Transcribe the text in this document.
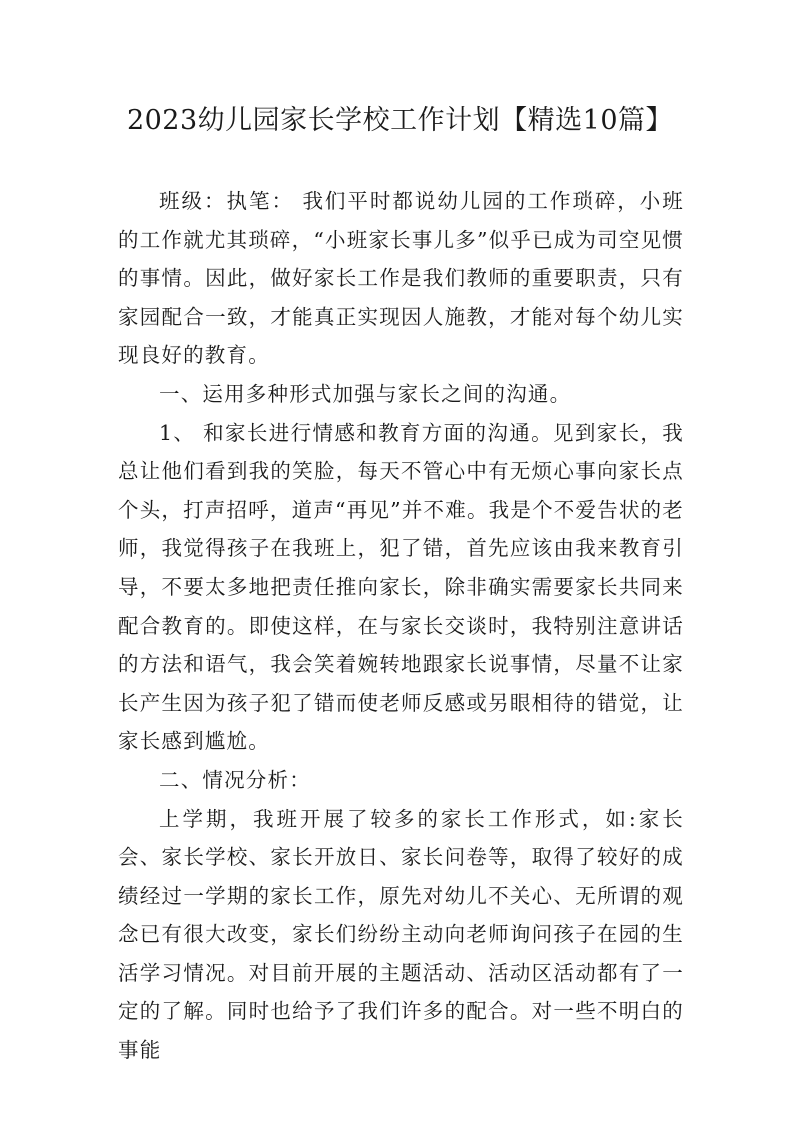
2023幼儿园家长学校工作计划【精选10篇】

班级：执笔： 我们平时都说幼儿园的工作琐碎，小班的工作就尤其琐碎，“小班家长事儿多”似乎已成为司空见惯的事情。因此，做好家长工作是我们教师的重要职责，只有家园配合一致，才能真正实现因人施教，才能对每个幼儿实现良好的教育。

一、运用多种形式加强与家长之间的沟通。

1、 和家长进行情感和教育方面的沟通。见到家长，我总让他们看到我的笑脸，每天不管心中有无烦心事向家长点个头，打声招呼，道声“再见”并不难。我是个不爱告状的老师，我觉得孩子在我班上，犯了错，首先应该由我来教育引导，不要太多地把责任推向家长，除非确实需要家长共同来配合教育的。即使这样，在与家长交谈时，我特别注意讲话的方法和语气，我会笑着婉转地跟家长说事情，尽量不让家长产生因为孩子犯了错而使老师反感或另眼相待的错觉，让家长感到尴尬。

二、情况分析：

上学期，我班开展了较多的家长工作形式，如:家长会、家长学校、家长开放日、家长问卷等，取得了较好的成绩经过一学期的家长工作，原先对幼儿不关心、无所谓的观念已有很大改变，家长们纷纷主动向老师询问孩子在园的生活学习情况。对目前开展的主题活动、活动区活动都有了一定的了解。同时也给予了我们许多的配合。对一些不明白的事能
